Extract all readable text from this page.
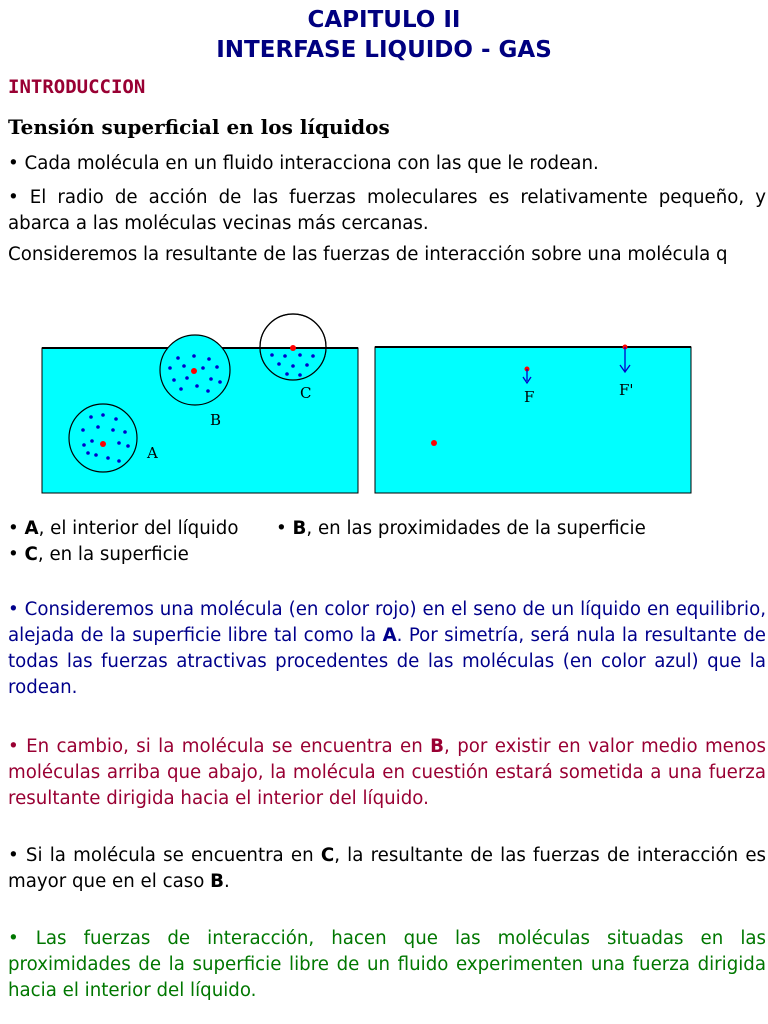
CAPITULO II
INTERFASE LIQUIDO - GAS
INTRODUCCION
Tensión superficial en los líquidos
• Cada molécula en un fluido interacciona con las que le rodean.
• El radio de acción de las fuerzas moleculares es relativamente pequeño, y abarca a las moléculas vecinas más cercanas.
Consideremos la resultante de las fuerzas de interacción sobre una molécula q
A
B
C	F	F'
• A, el interior del líquido	• B, en las proximidades de la superficie
• C, en la superficie
• Consideremos una molécula (en color rojo) en el seno de un líquido en equilibrio, alejada de la superficie libre tal como la A. Por simetría, será nula la resultante de todas las fuerzas atractivas procedentes de las moléculas (en color azul) que la rodean.
• En cambio, si la molécula se encuentra en B, por existir en valor medio menos moléculas arriba que abajo, la molécula en cuestión estará sometida a una fuerza resultante dirigida hacia el interior del líquido.
• Si la molécula se encuentra en C, la resultante de las fuerzas de interacción es mayor que en el caso B.
• Las fuerzas de interacción, hacen que las moléculas situadas en las proximidades de la superficie libre de un fluido experimenten una fuerza dirigida hacia el interior del líquido.
